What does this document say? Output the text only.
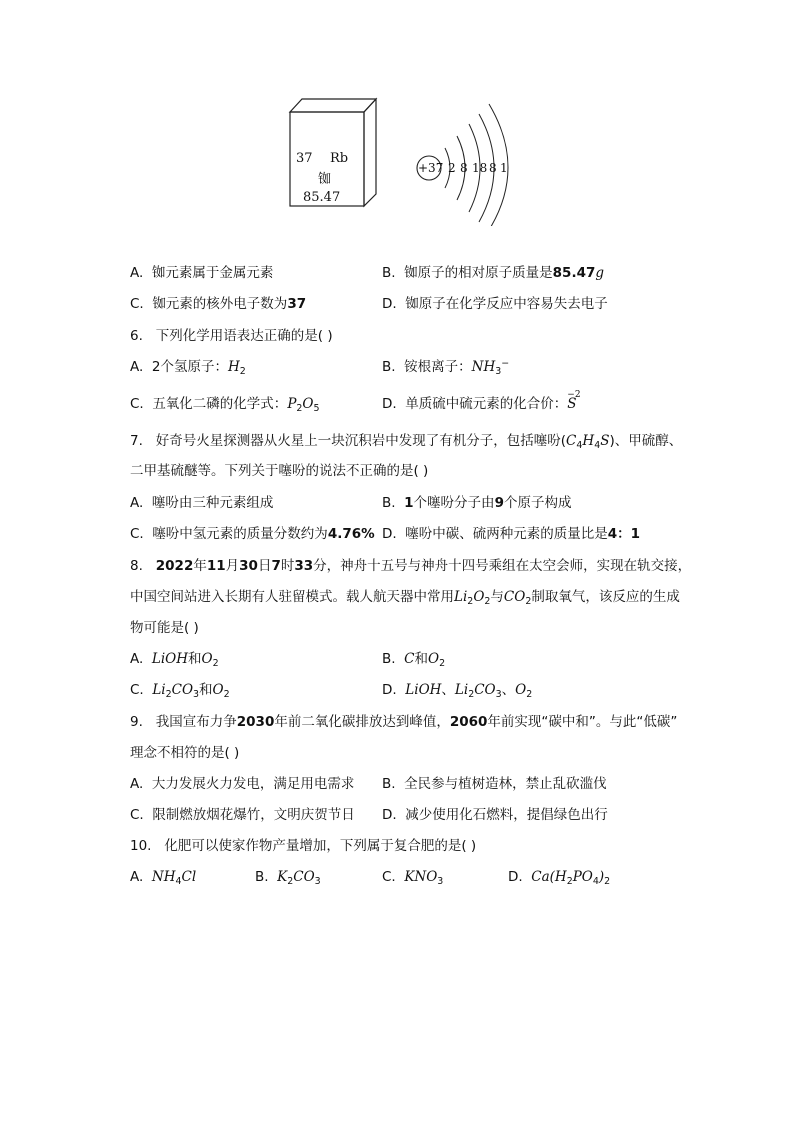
37 Rb
铷
85.47
+37 2 8 18 8 1
A. 铷元素属于金属元素	B. 铷原子的相对原子质量是85.47g
C. 铷元素的核外电子数为37	D. 铷原子在化学反应中容易失去电子
6. 下列化学用语表达正确的是( )
A. 2个氢原子：$H_2$	B. 铵根离子：$NH_3^-$
C. 五氧化二磷的化学式：$P_2O_5$	D. 单质硫中硫元素的化合价：
−2
S
7. 好奇号火星探测器从火星上一块沉积岩中发现了有机分子，包括噻吩$(C_4H_4S)$、甲硫醇、
二甲基硫醚等。下列关于噻吩的说法不正确的是( )
A. 噻吩由三种元素组成	B. 1个噻吩分子由9个原子构成
C. 噻吩中氢元素的质量分数约为4.76% D. 噻吩中碳、硫两种元素的质量比是4：1
8. 2022年11月30日7时33分，神舟十五号与神舟十四号乘组在太空会师，实现在轨交接，
中国空间站进入长期有人驻留模式。载人航天器中常用$Li_2O_2$与$CO_2$制取氧气，该反应的生成
物可能是( )
A. LiOH和$O_2$	B. C和$O_2$
C. $Li_2CO_3$和$O_2$	D. LiOH、$Li_2CO_3$、$O_2$
9. 我国宣布力争2030年前二氧化碳排放达到峰值，2060年前实现“碳中和”。与此“低碳”
理念不相符的是( )
A. 大力发展火力发电，满足用电需求 B. 全民参与植树造林，禁止乱砍滥伐
C. 限制燃放烟花爆竹，文明庆贺节日 D. 减少使用化石燃料，提倡绿色出行
10. 化肥可以使家作物产量增加，下列属于复合肥的是( )
A. $NH_4Cl$	B. $K_2CO_3$	C. $KNO_3$	D. $Ca(H_2PO_4)_2$
